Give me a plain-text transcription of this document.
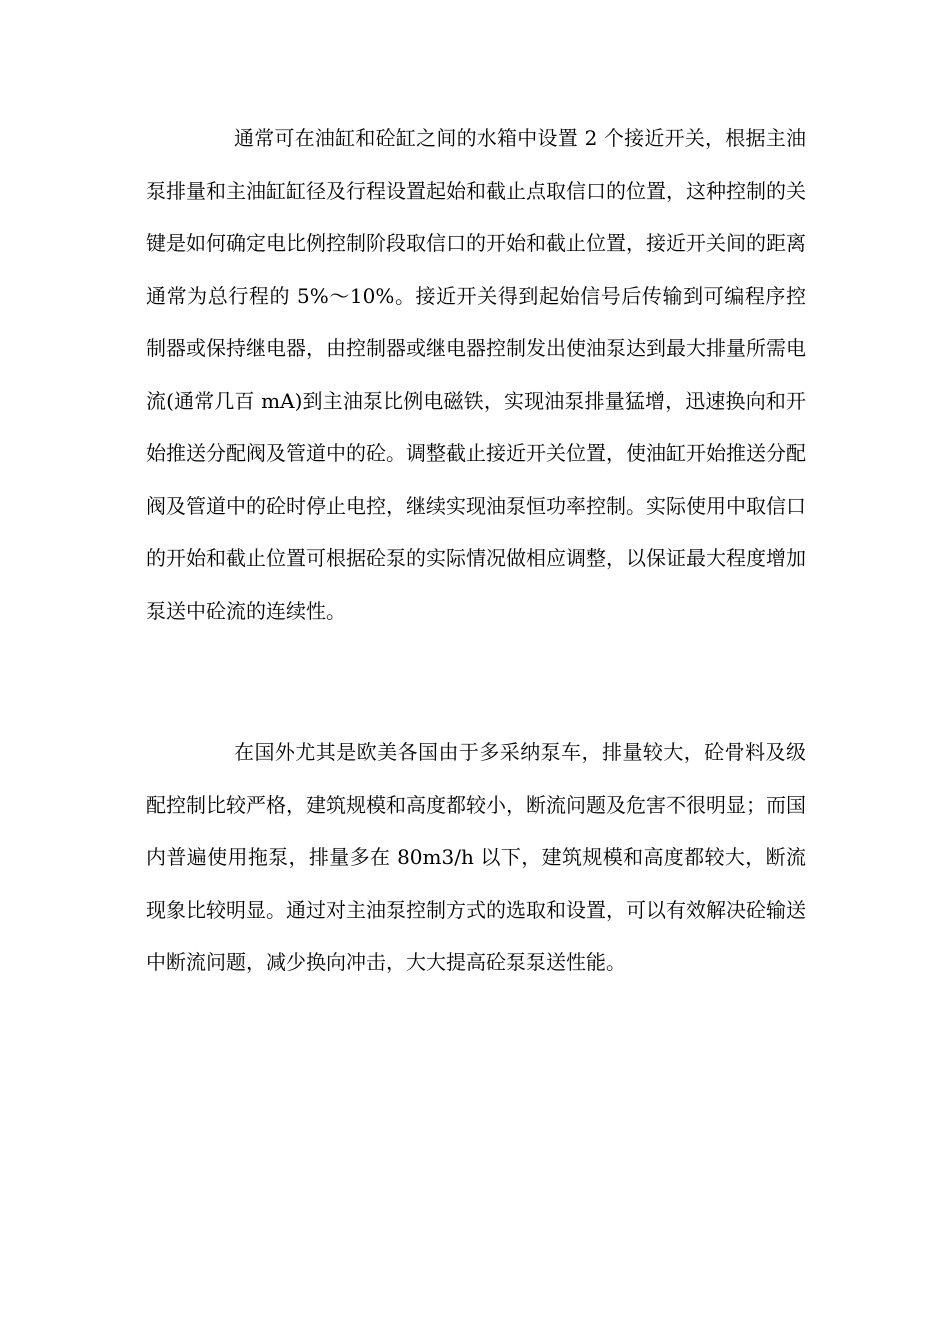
通常可在油缸和砼缸之间的水箱中设置 2 个接近开关，根据主油泵排量和主油缸缸径及行程设置起始和截止点取信口的位置，这种控制的关键是如何确定电比例控制阶段取信口的开始和截止位置，接近开关间的距离通常为总行程的 5%～10%。接近开关得到起始信号后传输到可编程序控制器或保持继电器，由控制器或继电器控制发出使油泵达到最大排量所需电流(通常几百 mA)到主油泵比例电磁铁，实现油泵排量猛增，迅速换向和开始推送分配阀及管道中的砼。调整截止接近开关位置，使油缸开始推送分配阀及管道中的砼时停止电控，继续实现油泵恒功率控制。实际使用中取信口的开始和截止位置可根据砼泵的实际情况做相应调整，以保证最大程度增加泵送中砼流的连续性。

在国外尤其是欧美各国由于多采纳泵车，排量较大，砼骨料及级配控制比较严格，建筑规模和高度都较小，断流问题及危害不很明显；而国内普遍使用拖泵，排量多在 80m3/h 以下，建筑规模和高度都较大，断流现象比较明显。通过对主油泵控制方式的选取和设置，可以有效解决砼输送中断流问题，减少换向冲击，大大提高砼泵泵送性能。
